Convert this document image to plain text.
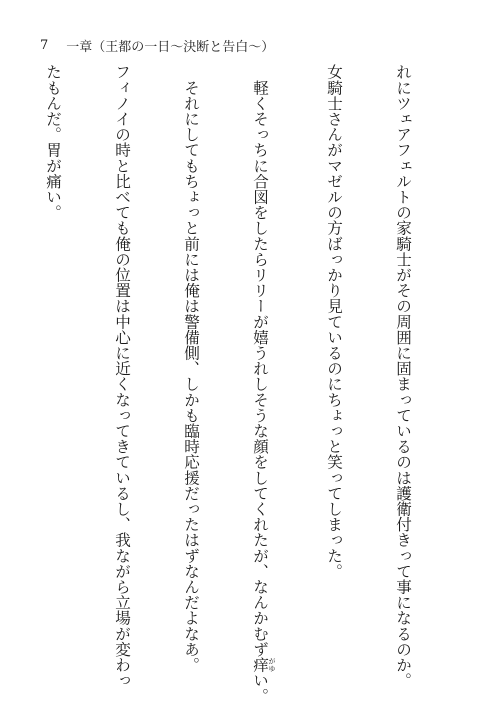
7 一章（王都の一日〜決断と告白〜）

れにツェアフェルトの家騎士がその周囲に固まっているのは護衛付きって事になるのか。

女騎士さんがマゼルの方ばっかり見ているのにちょっと笑ってしまった。

　軽くそっちに合図をしたらリリーが嬉うれしそうな顔をしてくれたが、なんかむず痒 がゆい。

　それにしてもちょっと前には俺は警備側、しかも臨時応援だったはずなんだよなあ。

フィノイの時と比べても俺の位置は中心に近くなってきているし、我ながら立場が変わっ

たもんだ。胃が痛い。
